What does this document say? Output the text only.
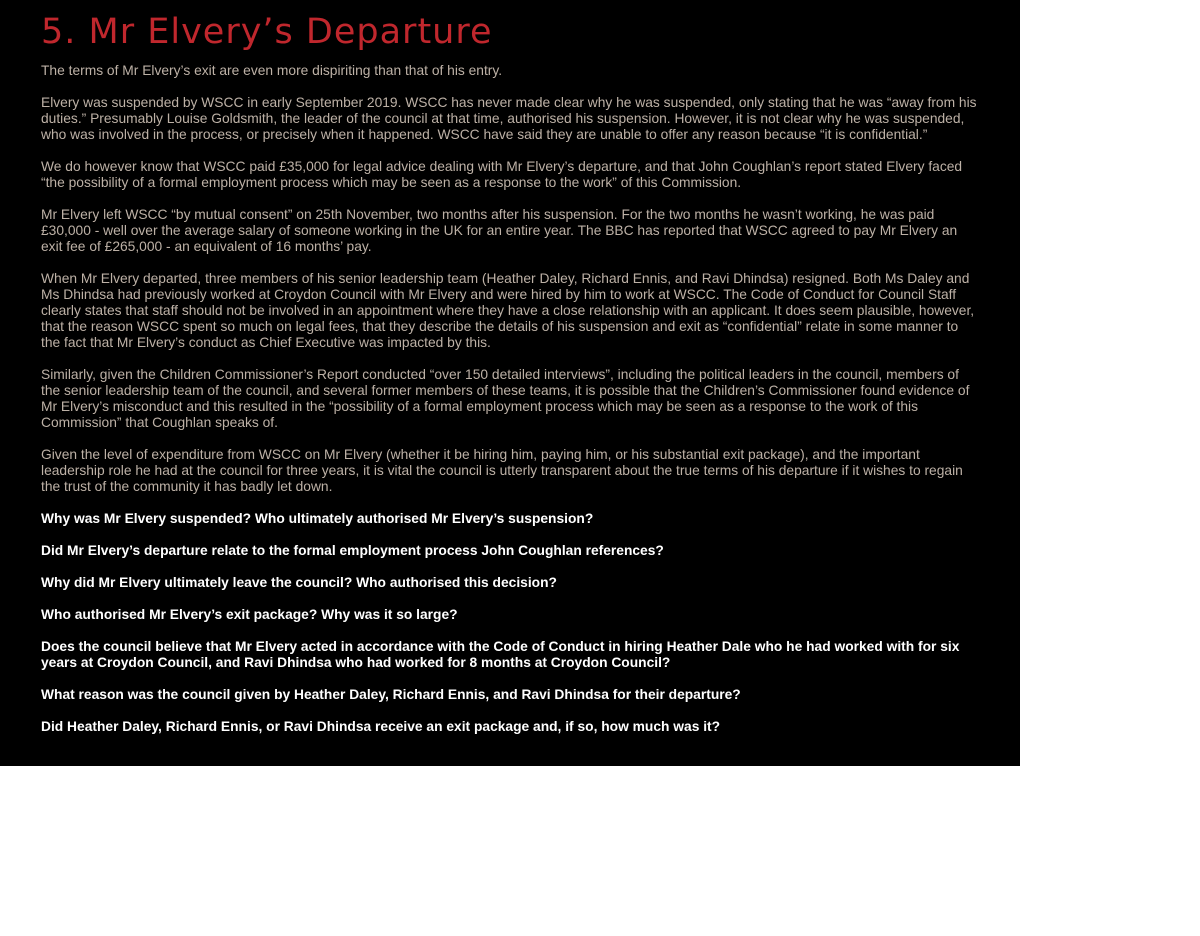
5. Mr Elvery’s Departure

The terms of Mr Elvery’s exit are even more dispiriting than that of his entry.

Elvery was suspended by WSCC in early September 2019. WSCC has never made clear why he was suspended, only stating that he was “away from his duties.” Presumably Louise Goldsmith, the leader of the council at that time, authorised his suspension. However, it is not clear why he was suspended, who was involved in the process, or precisely when it happened. WSCC have said they are unable to offer any reason because “it is confidential.”

We do however know that WSCC paid £35,000 for legal advice dealing with Mr Elvery’s departure, and that John Coughlan’s report stated Elvery faced “the possibility of a formal employment process which may be seen as a response to the work” of this Commission.

Mr Elvery left WSCC “by mutual consent” on 25th November, two months after his suspension. For the two months he wasn’t working, he was paid £30,000 - well over the average salary of someone working in the UK for an entire year. The BBC has reported that WSCC agreed to pay Mr Elvery an exit fee of £265,000 - an equivalent of 16 months’ pay.

When Mr Elvery departed, three members of his senior leadership team (Heather Daley, Richard Ennis, and Ravi Dhindsa) resigned. Both Ms Daley and Ms Dhindsa had previously worked at Croydon Council with Mr Elvery and were hired by him to work at WSCC. The Code of Conduct for Council Staff clearly states that staff should not be involved in an appointment where they have a close relationship with an applicant. It does seem plausible, however, that the reason WSCC spent so much on legal fees, that they describe the details of his suspension and exit as “confidential” relate in some manner to the fact that Mr Elvery’s conduct as Chief Executive was impacted by this.

Similarly, given the Children Commissioner’s Report conducted “over 150 detailed interviews”, including the political leaders in the council, members of the senior leadership team of the council, and several former members of these teams, it is possible that the Children’s Commissioner found evidence of Mr Elvery’s misconduct and this resulted in the “possibility of a formal employment process which may be seen as a response to the work of this Commission” that Coughlan speaks of.

Given the level of expenditure from WSCC on Mr Elvery (whether it be hiring him, paying him, or his substantial exit package), and the important leadership role he had at the council for three years, it is vital the council is utterly transparent about the true terms of his departure if it wishes to regain the trust of the community it has badly let down.

Why was Mr Elvery suspended? Who ultimately authorised Mr Elvery’s suspension?

Did Mr Elvery’s departure relate to the formal employment process John Coughlan references?

Why did Mr Elvery ultimately leave the council? Who authorised this decision?

Who authorised Mr Elvery’s exit package? Why was it so large?

Does the council believe that Mr Elvery acted in accordance with the Code of Conduct in hiring Heather Dale who he had worked with for six years at Croydon Council, and Ravi Dhindsa who had worked for 8 months at Croydon Council?

What reason was the council given by Heather Daley, Richard Ennis, and Ravi Dhindsa for their departure?

Did Heather Daley, Richard Ennis, or Ravi Dhindsa receive an exit package and, if so, how much was it?
